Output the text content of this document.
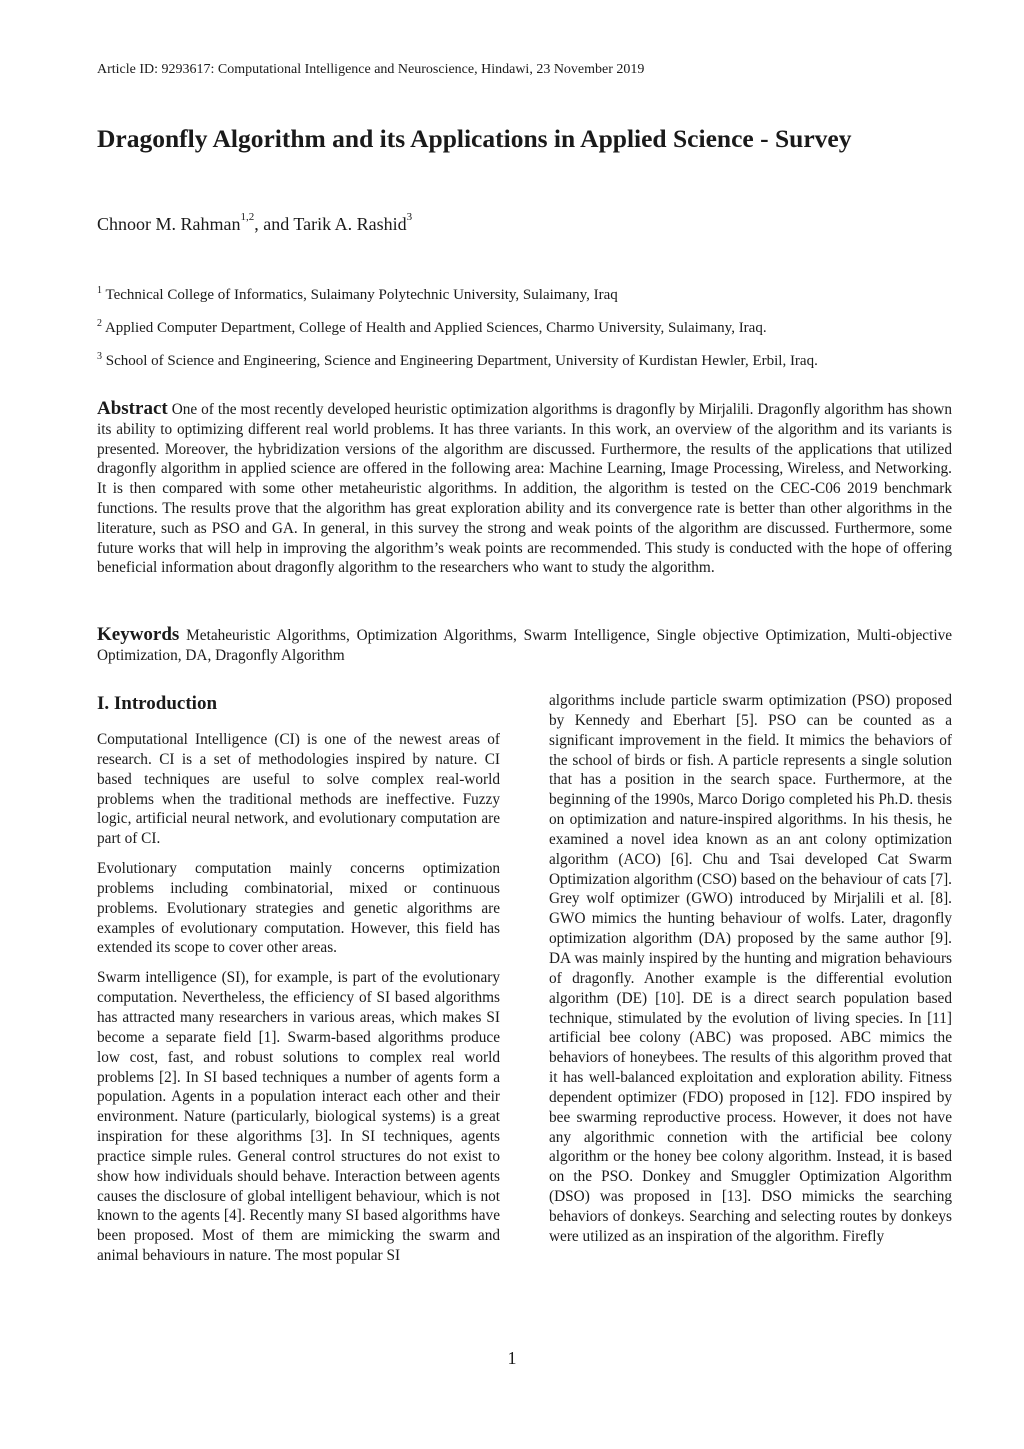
Article ID: 9293617: Computational Intelligence and Neuroscience, Hindawi, 23 November 2019
Dragonfly Algorithm and its Applications in Applied Science - Survey
Chnoor M. Rahman$^{1,2}$, and Tarik A. Rashid$^3$
$^1$ Technical College of Informatics, Sulaimany Polytechnic University, Sulaimany, Iraq
$^2$ Applied Computer Department, College of Health and Applied Sciences, Charmo University, Sulaimany, Iraq.
$^3$ School of Science and Engineering, Science and Engineering Department, University of Kurdistan Hewler, Erbil, Iraq.

Abstract One of the most recently developed heuristic optimization algorithms is dragonfly by Mirjalili. Dragonfly algorithm has shown its ability to optimizing different real world problems. It has three variants. In this work, an overview of the algorithm and its variants is presented. Moreover, the hybridization versions of the algorithm are discussed. Furthermore, the results of the applications that utilized dragonfly algorithm in applied science are offered in the following area: Machine Learning, Image Processing, Wireless, and Networking. It is then compared with some other metaheuristic algorithms. In addition, the algorithm is tested on the CEC-C06 2019 benchmark functions. The results prove that the algorithm has great exploration ability and its convergence rate is better than other algorithms in the literature, such as PSO and GA. In general, in this survey the strong and weak points of the algorithm are discussed. Furthermore, some future works that will help in improving the algorithm’s weak points are recommended. This study is conducted with the hope of offering beneficial information about dragonfly algorithm to the researchers who want to study the algorithm.

Keywords Metaheuristic Algorithms, Optimization Algorithms, Swarm Intelligence, Single objective Optimization, Multi-objective Optimization, DA, Dragonfly Algorithm

I. Introduction

Computational Intelligence (CI) is one of the newest areas of research. CI is a set of methodologies inspired by nature. CI based techniques are useful to solve complex real-world problems when the traditional methods are ineffective. Fuzzy logic, artificial neural network, and evolutionary computation are part of CI.

Evolutionary computation mainly concerns optimization problems including combinatorial, mixed or continuous problems. Evolutionary strategies and genetic algorithms are examples of evolutionary computation. However, this field has extended its scope to cover other areas.

Swarm intelligence (SI), for example, is part of the evolutionary computation. Nevertheless, the efficiency of SI based algorithms has attracted many researchers in various areas, which makes SI become a separate field [1]. Swarm-based algorithms produce low cost, fast, and robust solutions to complex real world problems [2]. In SI based techniques a number of agents form a population. Agents in a population interact each other and their environment. Nature (particularly, biological systems) is a great inspiration for these algorithms [3]. In SI techniques, agents practice simple rules. General control structures do not exist to show how individuals should behave. Interaction between agents causes the disclosure of global intelligent behaviour, which is not known to the agents [4]. Recently many SI based algorithms have been proposed. Most of them are mimicking the swarm and animal behaviours in nature. The most popular SI

algorithms include particle swarm optimization (PSO) proposed by Kennedy and Eberhart [5]. PSO can be counted as a significant improvement in the field. It mimics the behaviors of the school of birds or fish. A particle represents a single solution that has a position in the search space. Furthermore, at the beginning of the 1990s, Marco Dorigo completed his Ph.D. thesis on optimization and nature-inspired algorithms. In his thesis, he examined a novel idea known as an ant colony optimization algorithm (ACO) [6]. Chu and Tsai developed Cat Swarm Optimization algorithm (CSO) based on the behaviour of cats [7]. Grey wolf optimizer (GWO) introduced by Mirjalili et al. [8]. GWO mimics the hunting behaviour of wolfs. Later, dragonfly optimization algorithm (DA) proposed by the same author [9]. DA was mainly inspired by the hunting and migration behaviours of dragonfly. Another example is the differential evolution algorithm (DE) [10]. DE is a direct search population based technique, stimulated by the evolution of living species. In [11] artificial bee colony (ABC) was proposed. ABC mimics the behaviors of honeybees. The results of this algorithm proved that it has well-balanced exploitation and exploration ability. Fitness dependent optimizer (FDO) proposed in [12]. FDO inspired by bee swarming reproductive process. However, it does not have any algorithmic connetion with the artificial bee colony algorithm or the honey bee colony algorithm. Instead, it is based on the PSO. Donkey and Smuggler Optimization Algorithm (DSO) was proposed in [13]. DSO mimicks the searching behaviors of donkeys. Searching and selecting routes by donkeys were utilized as an inspiration of the algorithm. Firefly

1
